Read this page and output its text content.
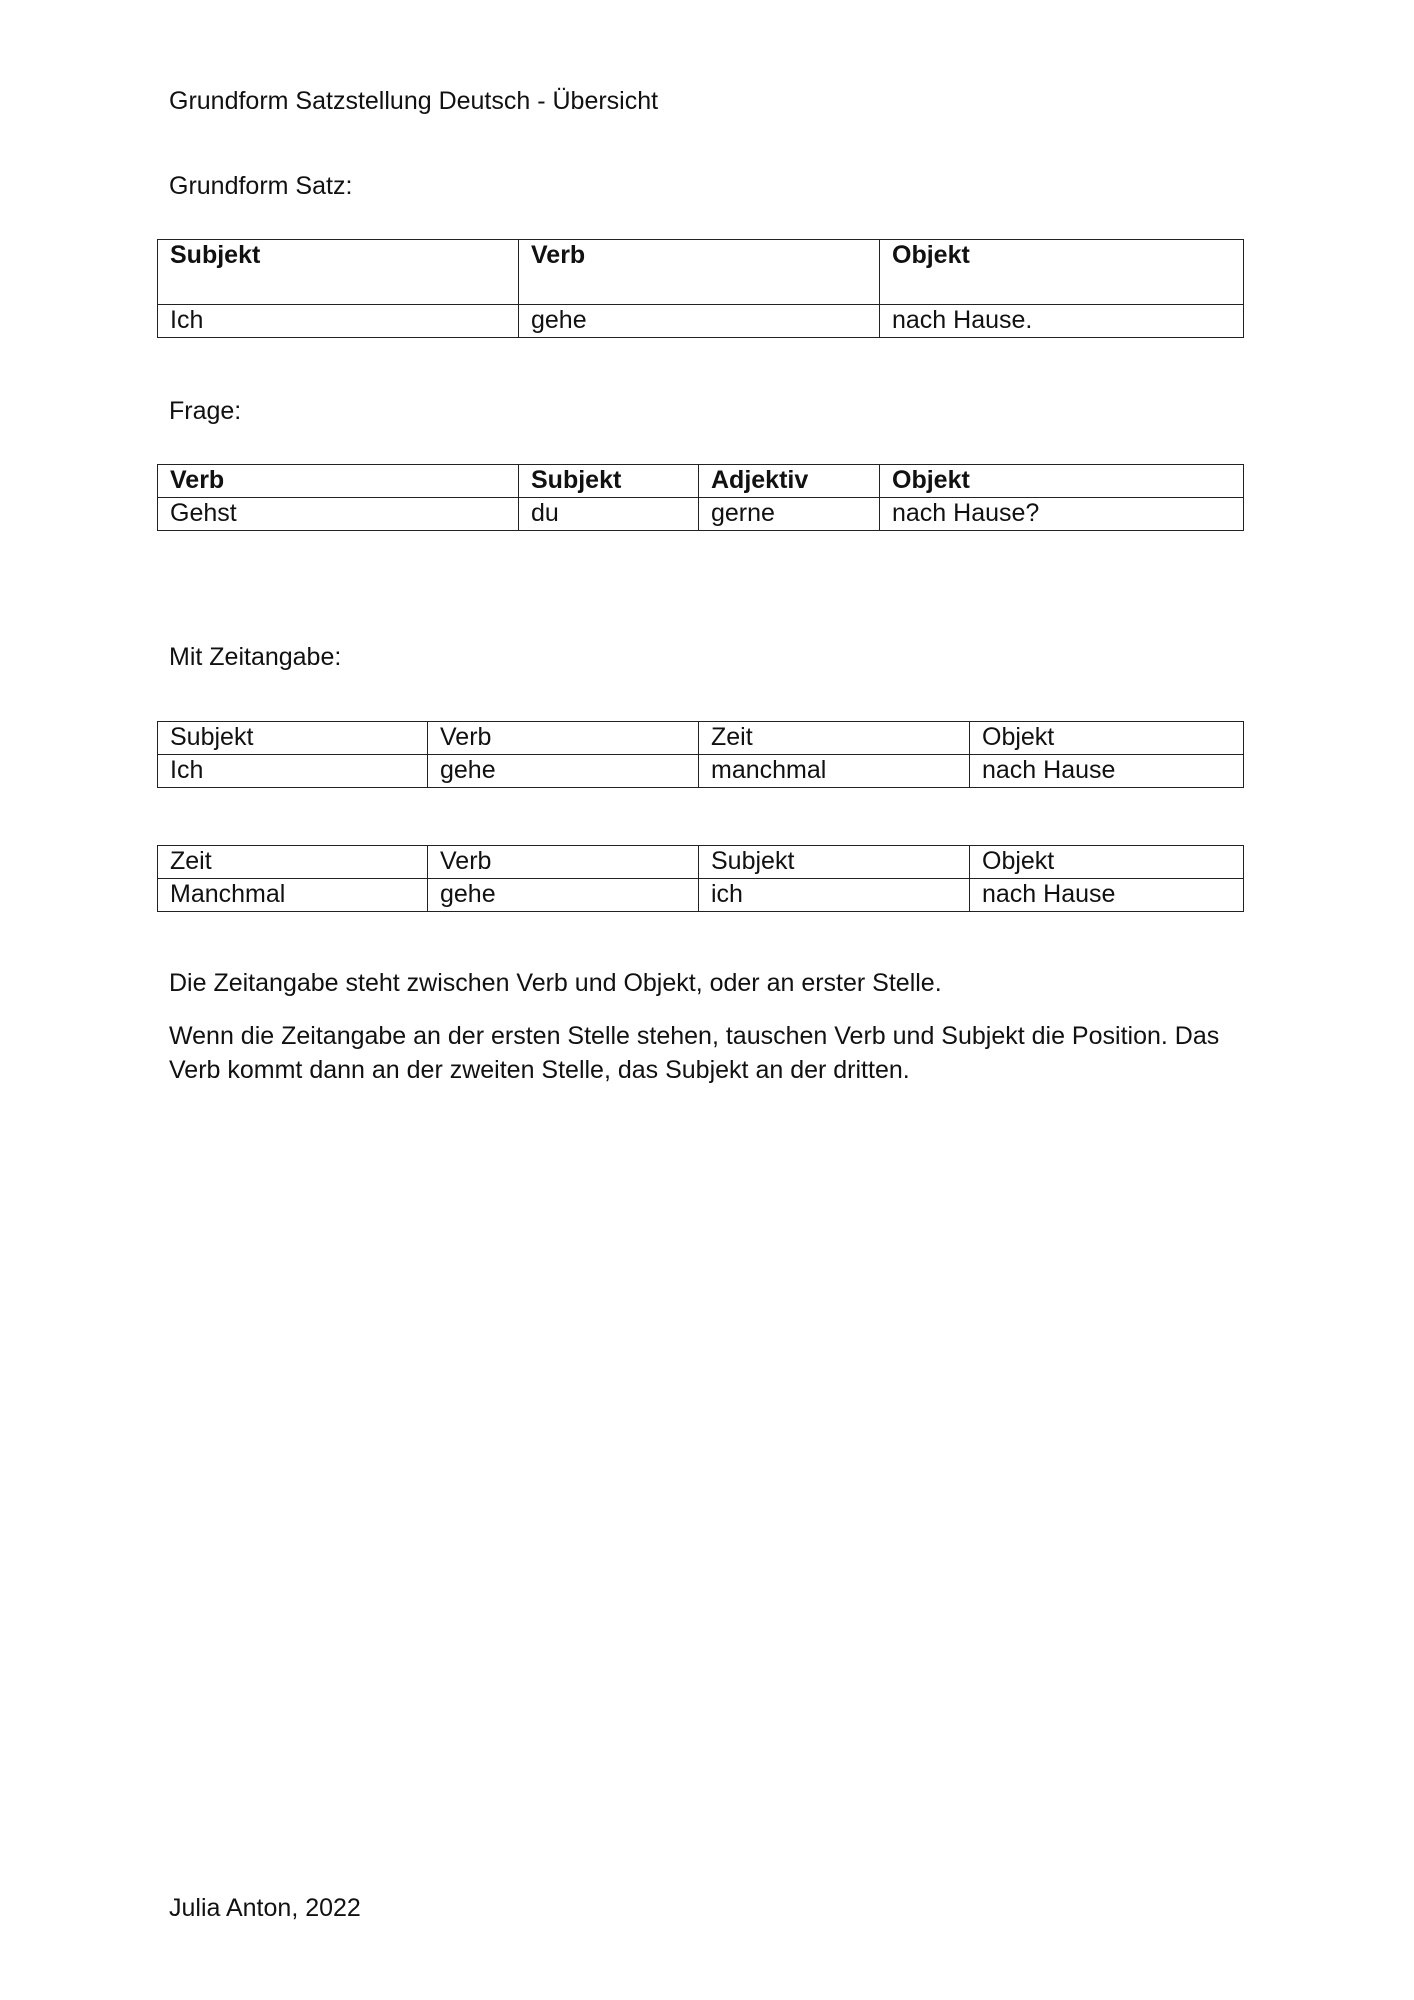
Grundform Satzstellung Deutsch - Übersicht

Grundform Satz:

Subjekt	Verb	Objekt
Ich	gehe	nach Hause.

Frage:

Verb	Subjekt	Adjektiv	Objekt
Gehst	du	gerne	nach Hause?

Mit Zeitangabe:

Subjekt	Verb	Zeit	Objekt
Ich	gehe	manchmal	nach Hause
Zeit	Verb	Subjekt	Objekt
Manchmal	gehe	ich	nach Hause

Die Zeitangabe steht zwischen Verb und Objekt, oder an erster Stelle.

Wenn die Zeitangabe an der ersten Stelle stehen, tauschen Verb und Subjekt die Position. Das Verb kommt dann an der zweiten Stelle, das Subjekt an der dritten.

Julia Anton, 2022
